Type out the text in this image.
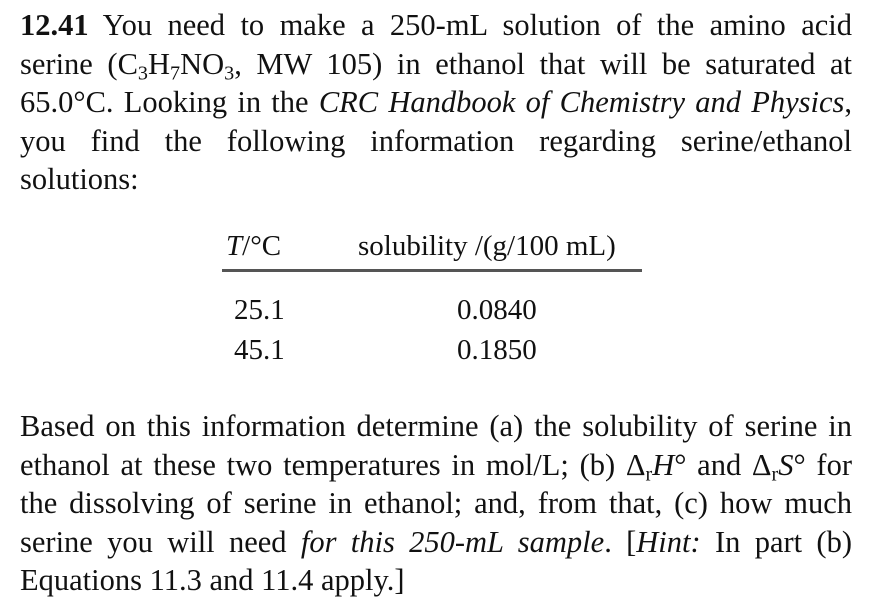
12.41 You need to make a 250-mL solution of the amino acid serine ($C_3H_7NO_3$, MW 105) in ethanol that will be saturated at 65.0°C. Looking in the CRC Handbook of Chemistry and Physics, you find the following information regarding serine/ethanol solutions:
T/°C	solubility /(g/100 mL)
25.1	0.0840
45.1	0.1850
Based on this information determine (a) the solubility of serine in ethanol at these two temperatures in mol/L; (b) $\Delta_rH^\circ$ and $\Delta_rS^\circ$ for the dissolving of serine in ethanol; and, from that, (c) how much serine you will need for this 250-mL sample. [Hint: In part (b) Equations 11.3 and 11.4 apply.]
